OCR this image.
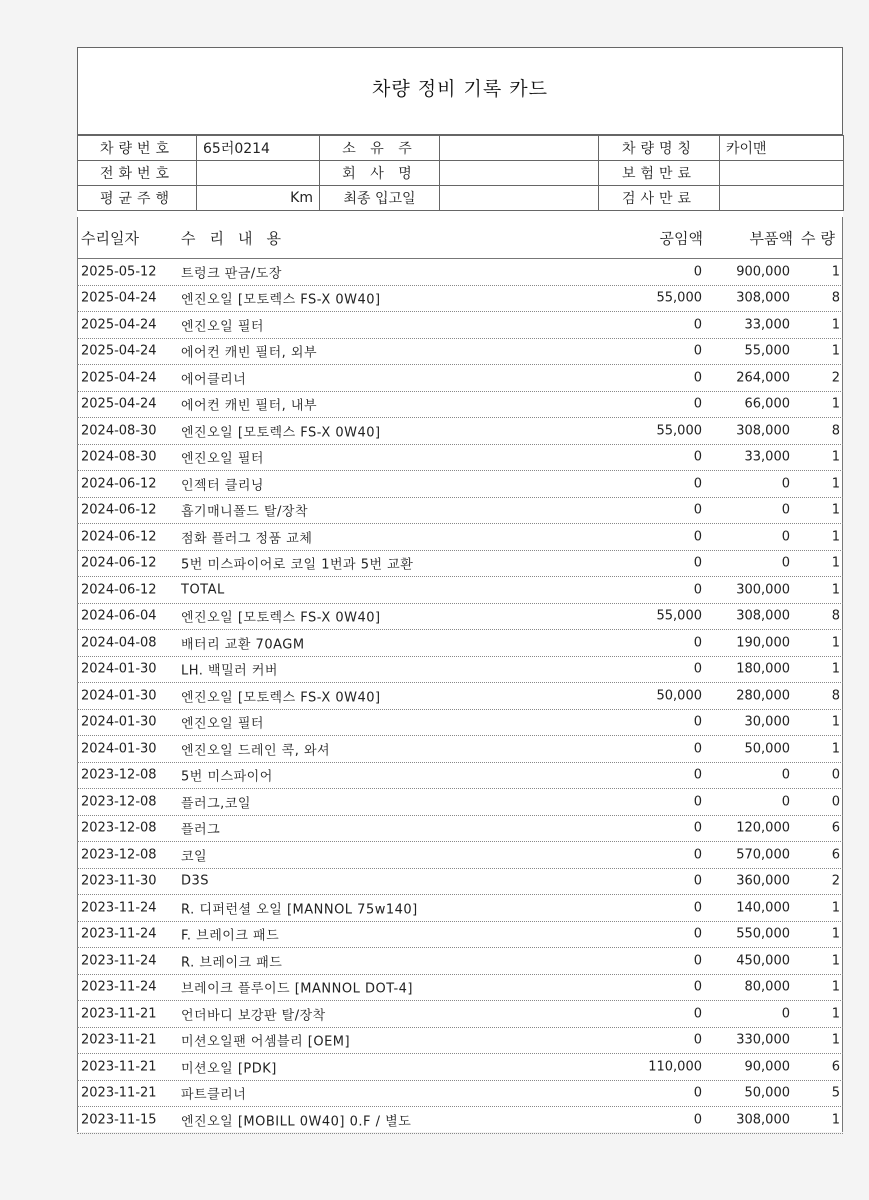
차량 정비 기록 카드
차량번호	65러0214	소 유 주		차량명칭	카이맨
전화번호		회 사 명		보험만료	
평균주행	Km	최종 입고일		검사만료	
수리일자	수리내용	공임액	부품액 수량
2025-05-12 트렁크 판금/도장	0	900,000	1
2025-04-24 엔진오일 [모토렉스 FS-X 0W40]	55,000	308,000	8
2025-04-24 엔진오일 필터	0	33,000	1
2025-04-24 에어컨 캐빈 필터, 외부	0	55,000	1
2025-04-24 에어클리너	0	264,000	2
2025-04-24 에어컨 캐빈 필터, 내부	0	66,000	1
2024-08-30 엔진오일 [모토렉스 FS-X 0W40]	55,000	308,000	8
2024-08-30 엔진오일 필터	0	33,000	1
2024-06-12 인젝터 클리닝	0	0	1
2024-06-12 흡기매니폴드 탈/장착	0	0	1
2024-06-12 점화 플러그 정품 교체	0	0	1
2024-06-12 5번 미스파이어로 코일 1번과 5번 교환	0	0	1
2024-06-12 TOTAL	0	300,000	1
2024-06-04 엔진오일 [모토렉스 FS-X 0W40]	55,000	308,000	8
2024-04-08 배터리 교환 70AGM	0	190,000	1
2024-01-30 LH. 백밀러 커버	0	180,000	1
2024-01-30 엔진오일 [모토렉스 FS-X 0W40]	50,000	280,000	8
2024-01-30 엔진오일 필터	0	30,000	1
2024-01-30 엔진오일 드레인 콕, 와셔	0	50,000	1
2023-12-08 5번 미스파이어	0	0	0
2023-12-08 플러그,코일	0	0	0
2023-12-08 플러그	0	120,000	6
2023-12-08 코일	0	570,000	6
2023-11-30 D3S	0	360,000	2
2023-11-24 R. 디퍼런셜 오일 [MANNOL 75w140]	0	140,000	1
2023-11-24 F. 브레이크 패드	0	550,000	1
2023-11-24 R. 브레이크 패드	0	450,000	1
2023-11-24 브레이크 플루이드 [MANNOL DOT-4]	0	80,000	1
2023-11-21 언더바디 보강판 탈/장착	0	0	1
2023-11-21 미션오일팬 어셈블리 [OEM]	0	330,000	1
2023-11-21 미션오일 [PDK]	110,000	90,000	6
2023-11-21 파트클리너	0	50,000	5
2023-11-15 엔진오일 [MOBILL 0W40] 0.F / 별도	0	308,000	1
